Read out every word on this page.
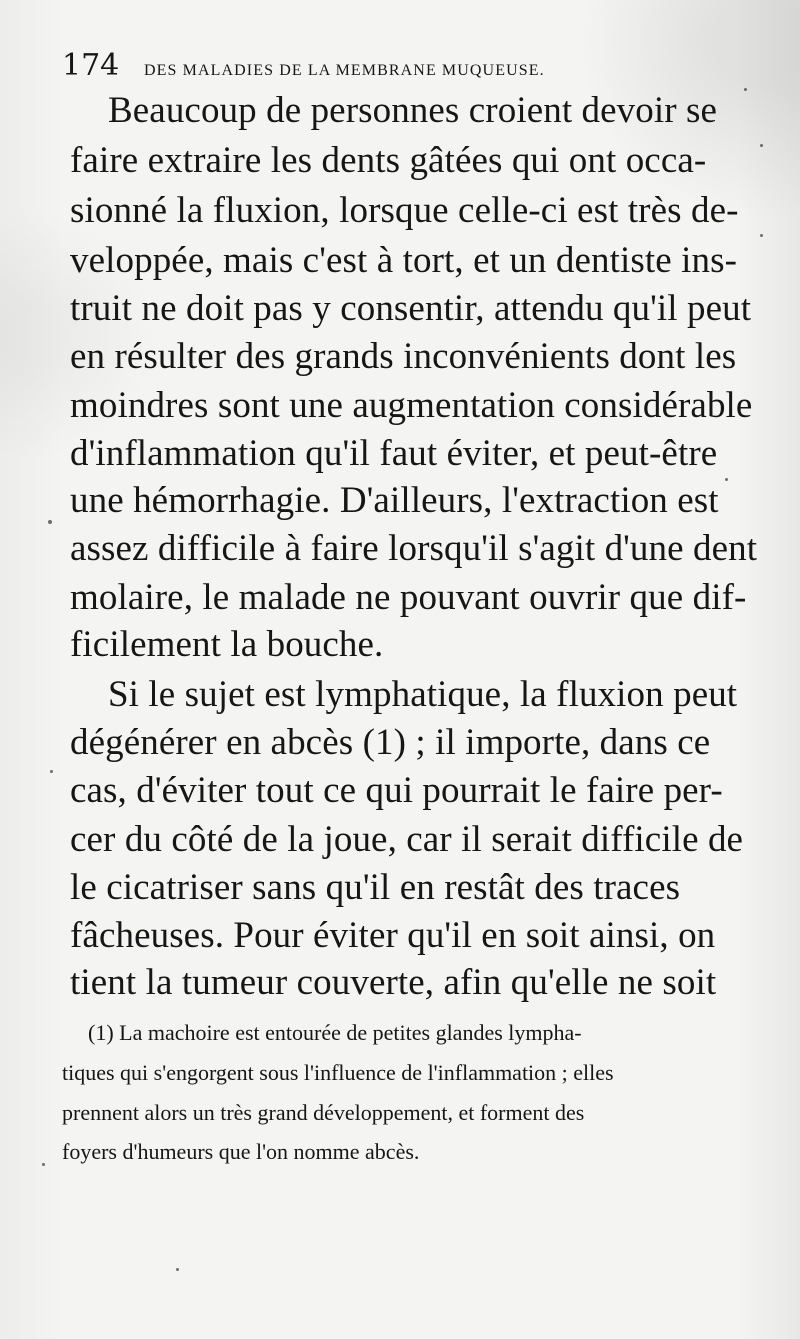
174	DES MALADIES DE LA MEMBRANE MUQUEUSE.
Beaucoup de personnes croient devoir se
faire extraire les dents gâtées qui ont occa-
sionné la fluxion, lorsque celle-ci est très de-
veloppée, mais c'est à tort, et un dentiste ins-
truit ne doit pas y consentir, attendu qu'il peut
en résulter des grands inconvénients dont les
moindres sont une augmentation considérable
d'inflammation qu'il faut éviter, et peut-être
une hémorrhagie. D'ailleurs, l'extraction est
assez difficile à faire lorsqu'il s'agit d'une dent
molaire, le malade ne pouvant ouvrir que dif-
ficilement la bouche.
Si le sujet est lymphatique, la fluxion peut
dégénérer en abcès (1) ; il importe, dans ce
cas, d'éviter tout ce qui pourrait le faire per-
cer du côté de la joue, car il serait difficile de
le cicatriser sans qu'il en restât des traces
fâcheuses. Pour éviter qu'il en soit ainsi, on
tient la tumeur couverte, afin qu'elle ne soit
(1) La machoire est entourée de petites glandes lympha-
tiques qui s'engorgent sous l'influence de l'inflammation ; elles
prennent alors un très grand développement, et forment des
foyers d'humeurs que l'on nomme abcès.
